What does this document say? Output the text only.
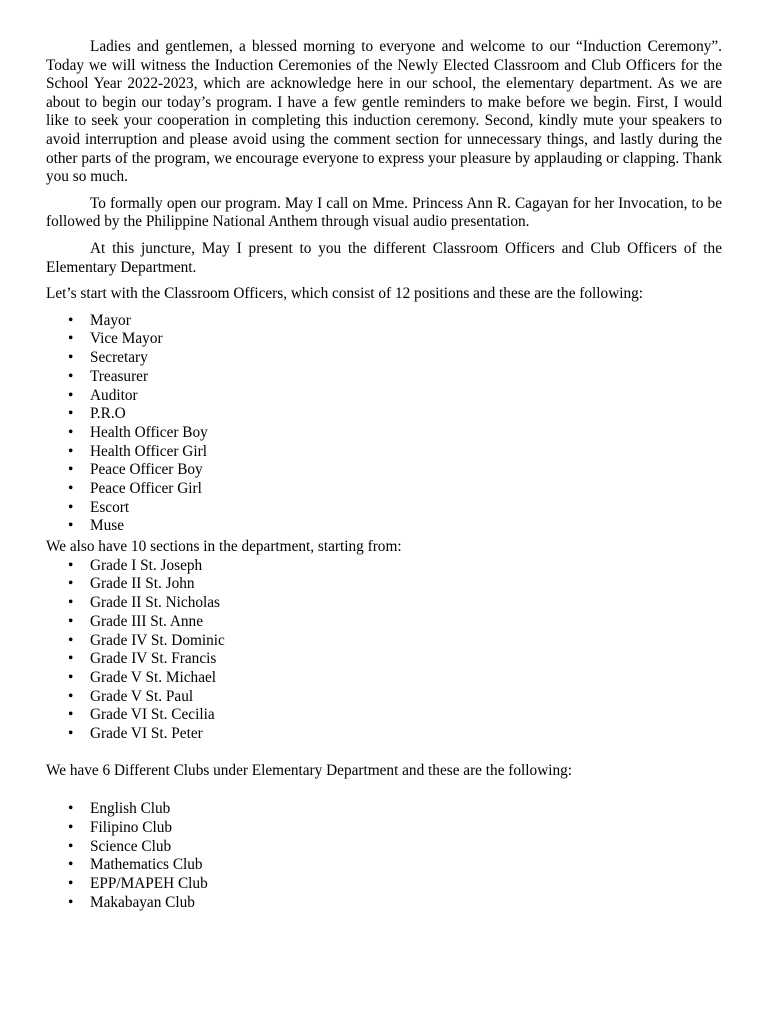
Ladies and gentlemen, a blessed morning to everyone and welcome to our “Induction Ceremony”. Today we will witness the Induction Ceremonies of the Newly Elected Classroom and Club Officers for the School Year 2022-2023, which are acknowledge here in our school, the elementary department. As we are about to begin our today’s program. I have a few gentle reminders to make before we begin. First, I would like to seek your cooperation in completing this induction ceremony. Second, kindly mute your speakers to avoid interruption and please avoid using the comment section for unnecessary things, and lastly during the other parts of the program, we encourage everyone to express your pleasure by applauding or clapping. Thank you so much.

To formally open our program. May I call on Mme. Princess Ann R. Cagayan for her Invocation, to be followed by the Philippine National Anthem through visual audio presentation.

At this juncture, May I present to you the different Classroom Officers and Club Officers of the Elementary Department.

Let’s start with the Classroom Officers, which consist of 12 positions and these are the following:

• Mayor
• Vice Mayor
• Secretary
• Treasurer
• Auditor
• P.R.O
• Health Officer Boy
• Health Officer Girl
• Peace Officer Boy
• Peace Officer Girl
• Escort
• Muse

We also have 10 sections in the department, starting from:

• Grade I St. Joseph
• Grade II St. John
• Grade II St. Nicholas
• Grade III St. Anne
• Grade IV St. Dominic
• Grade IV St. Francis
• Grade V St. Michael
• Grade V St. Paul
• Grade VI St. Cecilia
• Grade VI St. Peter

We have 6 Different Clubs under Elementary Department and these are the following:

• English Club
• Filipino Club
• Science Club
• Mathematics Club
• EPP/MAPEH Club
• Makabayan Club
